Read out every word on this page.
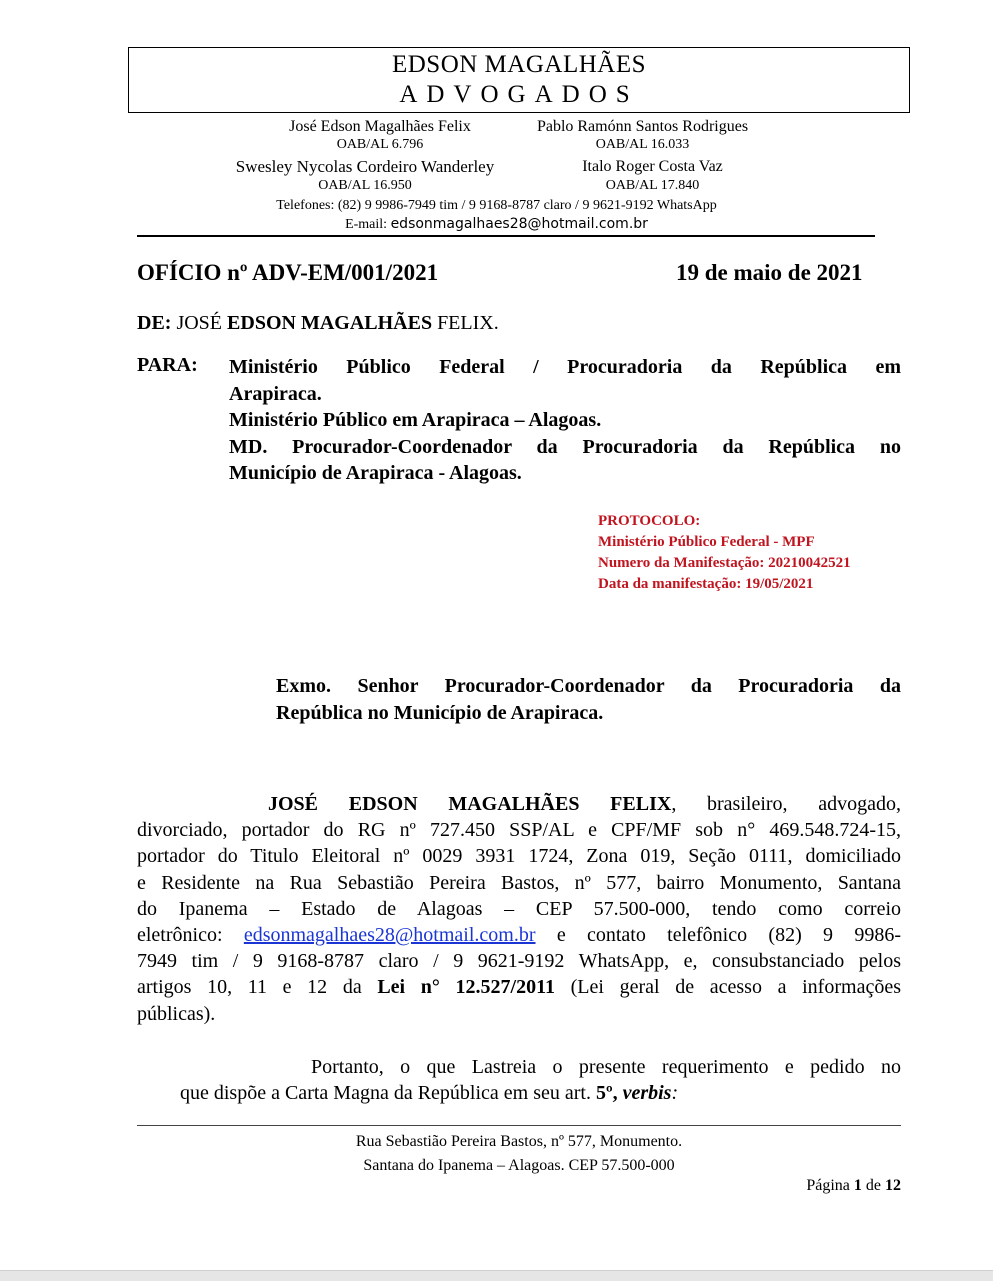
EDSON MAGALHÃES
ADVOGADOS
José Edson Magalhães Felix
OAB/AL 6.796
Pablo Ramónn Santos Rodrigues
OAB/AL 16.033
Swesley Nycolas Cordeiro Wanderley
OAB/AL 16.950
Italo Roger Costa Vaz
OAB/AL 17.840
Telefones: (82) 9 9986-7949 tim / 9 9168-8787 claro / 9 9621-9192 WhatsApp
E-mail: edsonmagalhaes28@hotmail.com.br
OFÍCIO nº ADV-EM/001/2021	19 de maio de 2021
DE: JOSÉ EDSON MAGALHÃES FELIX.
PARA: Ministério Público Federal / Procuradoria da República em
Arapiraca.
Ministério Público em Arapiraca – Alagoas.
MD. Procurador-Coordenador da Procuradoria da República no
Município de Arapiraca - Alagoas.
PROTOCOLO:
Ministério Público Federal - MPF
Numero da Manifestação: 20210042521
Data da manifestação: 19/05/2021
Exmo. Senhor Procurador-Coordenador da Procuradoria da
República no Município de Arapiraca.
JOSÉ EDSON MAGALHÃES FELIX, brasileiro, advogado,
divorciado, portador do RG nº 727.450 SSP/AL e CPF/MF sob n° 469.548.724-15,
portador do Titulo Eleitoral nº 0029 3931 1724, Zona 019, Seção 0111, domiciliado
e Residente na Rua Sebastião Pereira Bastos, nº 577, bairro Monumento, Santana
do Ipanema – Estado de Alagoas – CEP 57.500-000, tendo como correio
eletrônico: edsonmagalhaes28@hotmail.com.br e contato telefônico (82) 9 9986-
7949 tim / 9 9168-8787 claro / 9 9621-9192 WhatsApp, e, consubstanciado pelos
artigos 10, 11 e 12 da Lei n° 12.527/2011 (Lei geral de acesso a informações
públicas).
Portanto, o que Lastreia o presente requerimento e pedido no
que dispõe a Carta Magna da República em seu art. 5º, verbis:
Rua Sebastião Pereira Bastos, nº 577, Monumento.
Santana do Ipanema – Alagoas. CEP 57.500-000
Página 1 de 12
